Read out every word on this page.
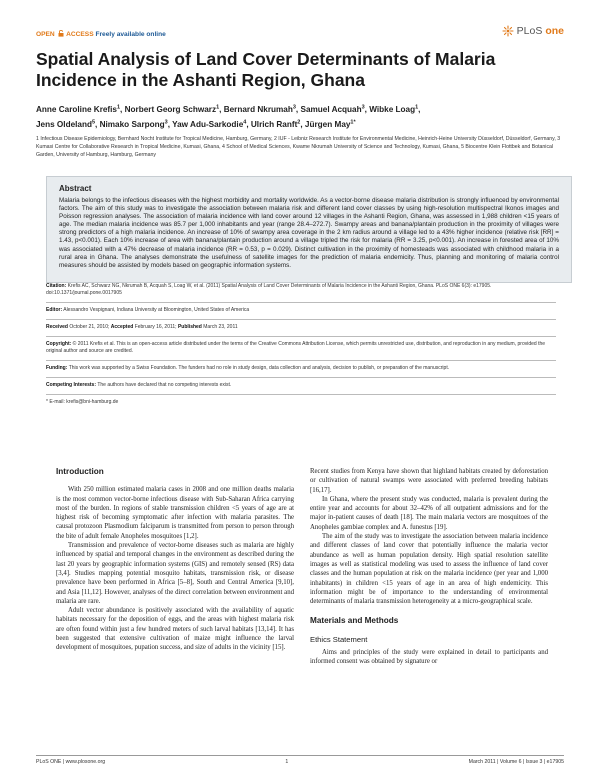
OPEN ACCESS Freely available online	PLoS one
Spatial Analysis of Land Cover Determinants of Malaria Incidence in the Ashanti Region, Ghana
Anne Caroline Krefis$^1$, Norbert Georg Schwarz$^1$, Bernard Nkrumah$^3$, Samuel Acquah$^3$, Wibke Loag$^1$,
Jens Oldeland$^5$, Nimako Sarpong$^3$, Yaw Adu-Sarkodie$^4$, Ulrich Ranft$^2$, Jürgen May$^{1*}$
1 Infectious Disease Epidemiology, Bernhard Nocht Institute for Tropical Medicine, Hamburg, Germany, 2 IUF - Leibniz Research Institute for Environmental Medicine, Heinrich-Heine University Düsseldorf, Düsseldorf, Germany, 3 Kumasi Centre for Collaborative Research in Tropical Medicine, Kumasi, Ghana, 4 School of Medical Sciences, Kwame Nkrumah University of Science and Technology, Kumasi, Ghana, 5 Biocentre Klein Flottbek and Botanical Garden, University of Hamburg, Hamburg, Germany
Abstract

Malaria belongs to the infectious diseases with the highest morbidity and mortality worldwide. As a vector-borne disease malaria distribution is strongly influenced by environmental factors. The aim of this study was to investigate the association between malaria risk and different land cover classes by using high-resolution multispectral Ikonos images and Poisson regression analyses. The association of malaria incidence with land cover around 12 villages in the Ashanti Region, Ghana, was assessed in 1,988 children <15 years of age. The median malaria incidence was 85.7 per 1,000 inhabitants and year (range 28.4–272.7). Swampy areas and banana/plantain production in the proximity of villages were strong predictors of a high malaria incidence. An increase of 10% of swampy area coverage in the 2 km radius around a village led to a 43% higher incidence (relative risk [RR] = 1.43, p<0.001). Each 10% increase of area with banana/plantain production around a village tripled the risk for malaria (RR = 3.25, p<0.001). An increase in forested area of 10% was associated with a 47% decrease of malaria incidence (RR = 0.53, p = 0.029). Distinct cultivation in the proximity of homesteads was associated with childhood malaria in a rural area in Ghana. The analyses demonstrate the usefulness of satellite images for the prediction of malaria endemicity. Thus, planning and monitoring of malaria control measures should be assisted by models based on geographic information systems.

Citation: Krefis AC, Schwarz NG, Nkrumah B, Acquah S, Loag W, et al. (2011) Spatial Analysis of Land Cover Determinants of Malaria Incidence in the Ashanti Region, Ghana. PLoS ONE 6(3): e17905. doi:10.1371/journal.pone.0017905

Editor: Alessandro Vespignani, Indiana University at Bloomington, United States of America

Received October 21, 2010; Accepted February 16, 2011; Published March 23, 2011

Copyright: © 2011 Krefis et al. This is an open-access article distributed under the terms of the Creative Commons Attribution License, which permits unrestricted use, distribution, and reproduction in any medium, provided the original author and source are credited.

Funding: This work was supported by a Swiss Foundation. The funders had no role in study design, data collection and analysis, decision to publish, or preparation of the manuscript.

Competing Interests: The authors have declared that no competing interests exist.

* E-mail: krefis@bni-hamburg.de

Introduction

With 250 million estimated malaria cases in 2008 and one million deaths malaria is the most common vector-borne infectious disease with Sub-Saharan Africa carrying most of the burden. In regions of stable transmission children <5 years of age are at highest risk of becoming symptomatic after infection with malaria parasites. The causal protozoon Plasmodium falciparum is transmitted from person to person through the bite of adult female Anopheles mosquitoes [1,2].

Transmission and prevalence of vector-borne diseases such as malaria are highly influenced by spatial and temporal changes in the environment as described during the last 20 years by geographic information systems (GIS) and remotely sensed (RS) data [3,4]. Studies mapping potential mosquito habitats, transmission risk, or disease prevalence have been performed in Africa [5–8], South and Central America [9,10], and Asia [11,12]. However, analyses of the direct correlation between environment and malaria are rare.

Adult vector abundance is positively associated with the availability of aquatic habitats necessary for the deposition of eggs, and the areas with highest malaria risk are often found within just a few hundred meters of such larval habitats [13,14]. It has been suggested that extensive cultivation of maize might influence the larval development of mosquitoes, pupation success, and size of adults in the vicinity [15].

Recent studies from Kenya have shown that highland habitats created by deforestation or cultivation of natural swamps were associated with preferred breeding habitats [16,17].

In Ghana, where the present study was conducted, malaria is prevalent during the entire year and accounts for about 32–42% of all outpatient admissions and for the major in-patient causes of death [18]. The main malaria vectors are mosquitoes of the Anopheles gambiae complex and A. funestus [19].

The aim of the study was to investigate the association between malaria incidence and different classes of land cover that potentially influence the malaria vector abundance as well as human population density. High spatial resolution satellite images as well as statistical modeling was used to assess the influence of land cover classes and the human population at risk on the malaria incidence (per year and 1,000 inhabitants) in children <15 years of age in an area of high endemicity. This information might be of importance to the understanding of environmental determinants of malaria transmission heterogeneity at a micro-geographical scale.

Materials and Methods
Ethics Statement

Aims and principles of the study were explained in detail to participants and informed consent was obtained by signature or

PLoS ONE | www.plosone.org	1	March 2011 | Volume 6 | Issue 3 | e17905
